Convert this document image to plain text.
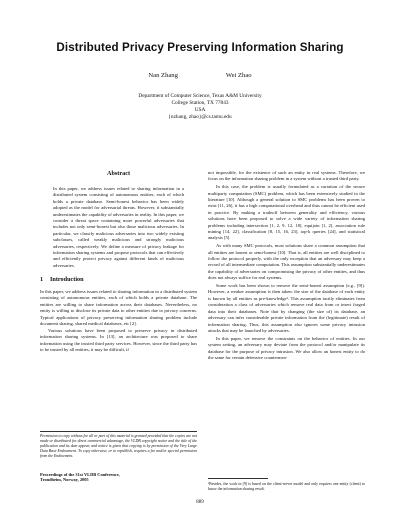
Distributed Privacy Preserving Information Sharing
Nan Zhang	Wei Zhao
Department of Computer Science, Texas A&M University
College Station, TX 77843
USA
{nzhang, zhao}@cs.tamu.edu
Abstract
In this paper, we address issues related to sharing information in a distributed system consisting of autonomous entities, each of which holds a private database. Semi-honest behavior has been widely adopted as the model for adversarial threats. However, it substantially underestimates the capability of adversaries in reality. In this paper, we consider a threat space containing more powerful adversaries that includes not only semi-honest but also those malicious adversaries. In particular, we classify malicious adversaries into two widely existing subclasses, called weakly malicious and strongly malicious adversaries, respectively. We define a measure of privacy leakage for information sharing systems and propose protocols that can effectively and efficiently protect privacy against different kinds of malicious adversaries.
1 Introduction

In this paper, we address issues related to sharing information in a distributed system consisting of autonomous entities, each of which holds a private database. The entities are willing to share information across their databases. Nevertheless, no entity is willing to disclose its private data to other entities due to privacy concerns. Typical applications of privacy preserving information sharing problem include document sharing, shared medical databases, etc [2].

Various solutions have been proposed to preserve privacy in distributed information sharing systems. In [13], an architecture was proposed to share information using the trusted third party services. However, since the third party has to be trusted by all entities, it may be difficult, if

Permission to copy without fee all or part of this material is granted provided that the copies are not made or distributed for direct commercial advantage, the VLDB copyright notice and the title of the publication and its date appear, and notice is given that copying is by permission of the Very Large Data Base Endowment. To copy otherwise, or to republish, requires a fee and/or special permission from the Endowment.
Proceedings of the 31st VLDB Conference,
Trondheim, Norway, 2005

not impossible, for the existence of such an entity in real systems. Therefore, we focus on the information sharing problem in a system without a trusted third party.

In this case, the problem is usually formulated as a variation of the secure multiparty computation (SMC) problem, which has been extensively studied in the literature [10]. Although a general solution to SMC problems has been proven to exist [11, 26], it has a high computational overhead and thus cannot be efficient used in practice. By making a tradeoff between generality and efficiency, various solutions have been proposed to solve a wide variety of information sharing problems including intersection [1, 2, 9, 12, 18], equijoin [1, 2], association rule mining [14, 22], classification [8, 15, 16, 23], top-k queries [24], and statistical analysis [5].

As with many SMC protocols, most solutions share a common assumption that all entities are honest or semi-honest [10]. That is, all entities are well disciplined to follow the protocol properly, with the only exception that an adversary may keep a record of all intermediate computation. This assumption substantially underestimates the capability of adversaries on compromising the privacy of other entities, and thus does not always suffice for real systems.

Some work has been shown to remove the semi-honest assumption (e.g., [9]). However, a weaker assumption is then taken: the size of the database of each entity is known by all entities as pre-knowledge¹. This assumption tacitly eliminates from consideration a class of adversaries which remove real data from or insert forged data into their databases. Note that by changing (the size of) its database, an adversary can infer considerable private information from the (legitimate) result of information sharing. Thus, this assumption also ignores some privacy intrusion attacks that may be launched by adversaries.

In this paper, we remove the constraints on the behavior of entities. In our system setting, an adversary may deviate from the protocol and/or manipulate its database for the purpose of privacy intrusion. We also allow an honest entity to do the same for certain defensive countermea-

¹Besides, the work in [9] is based on the client-server model and only requires one entity (client) to know the information sharing result.
889
